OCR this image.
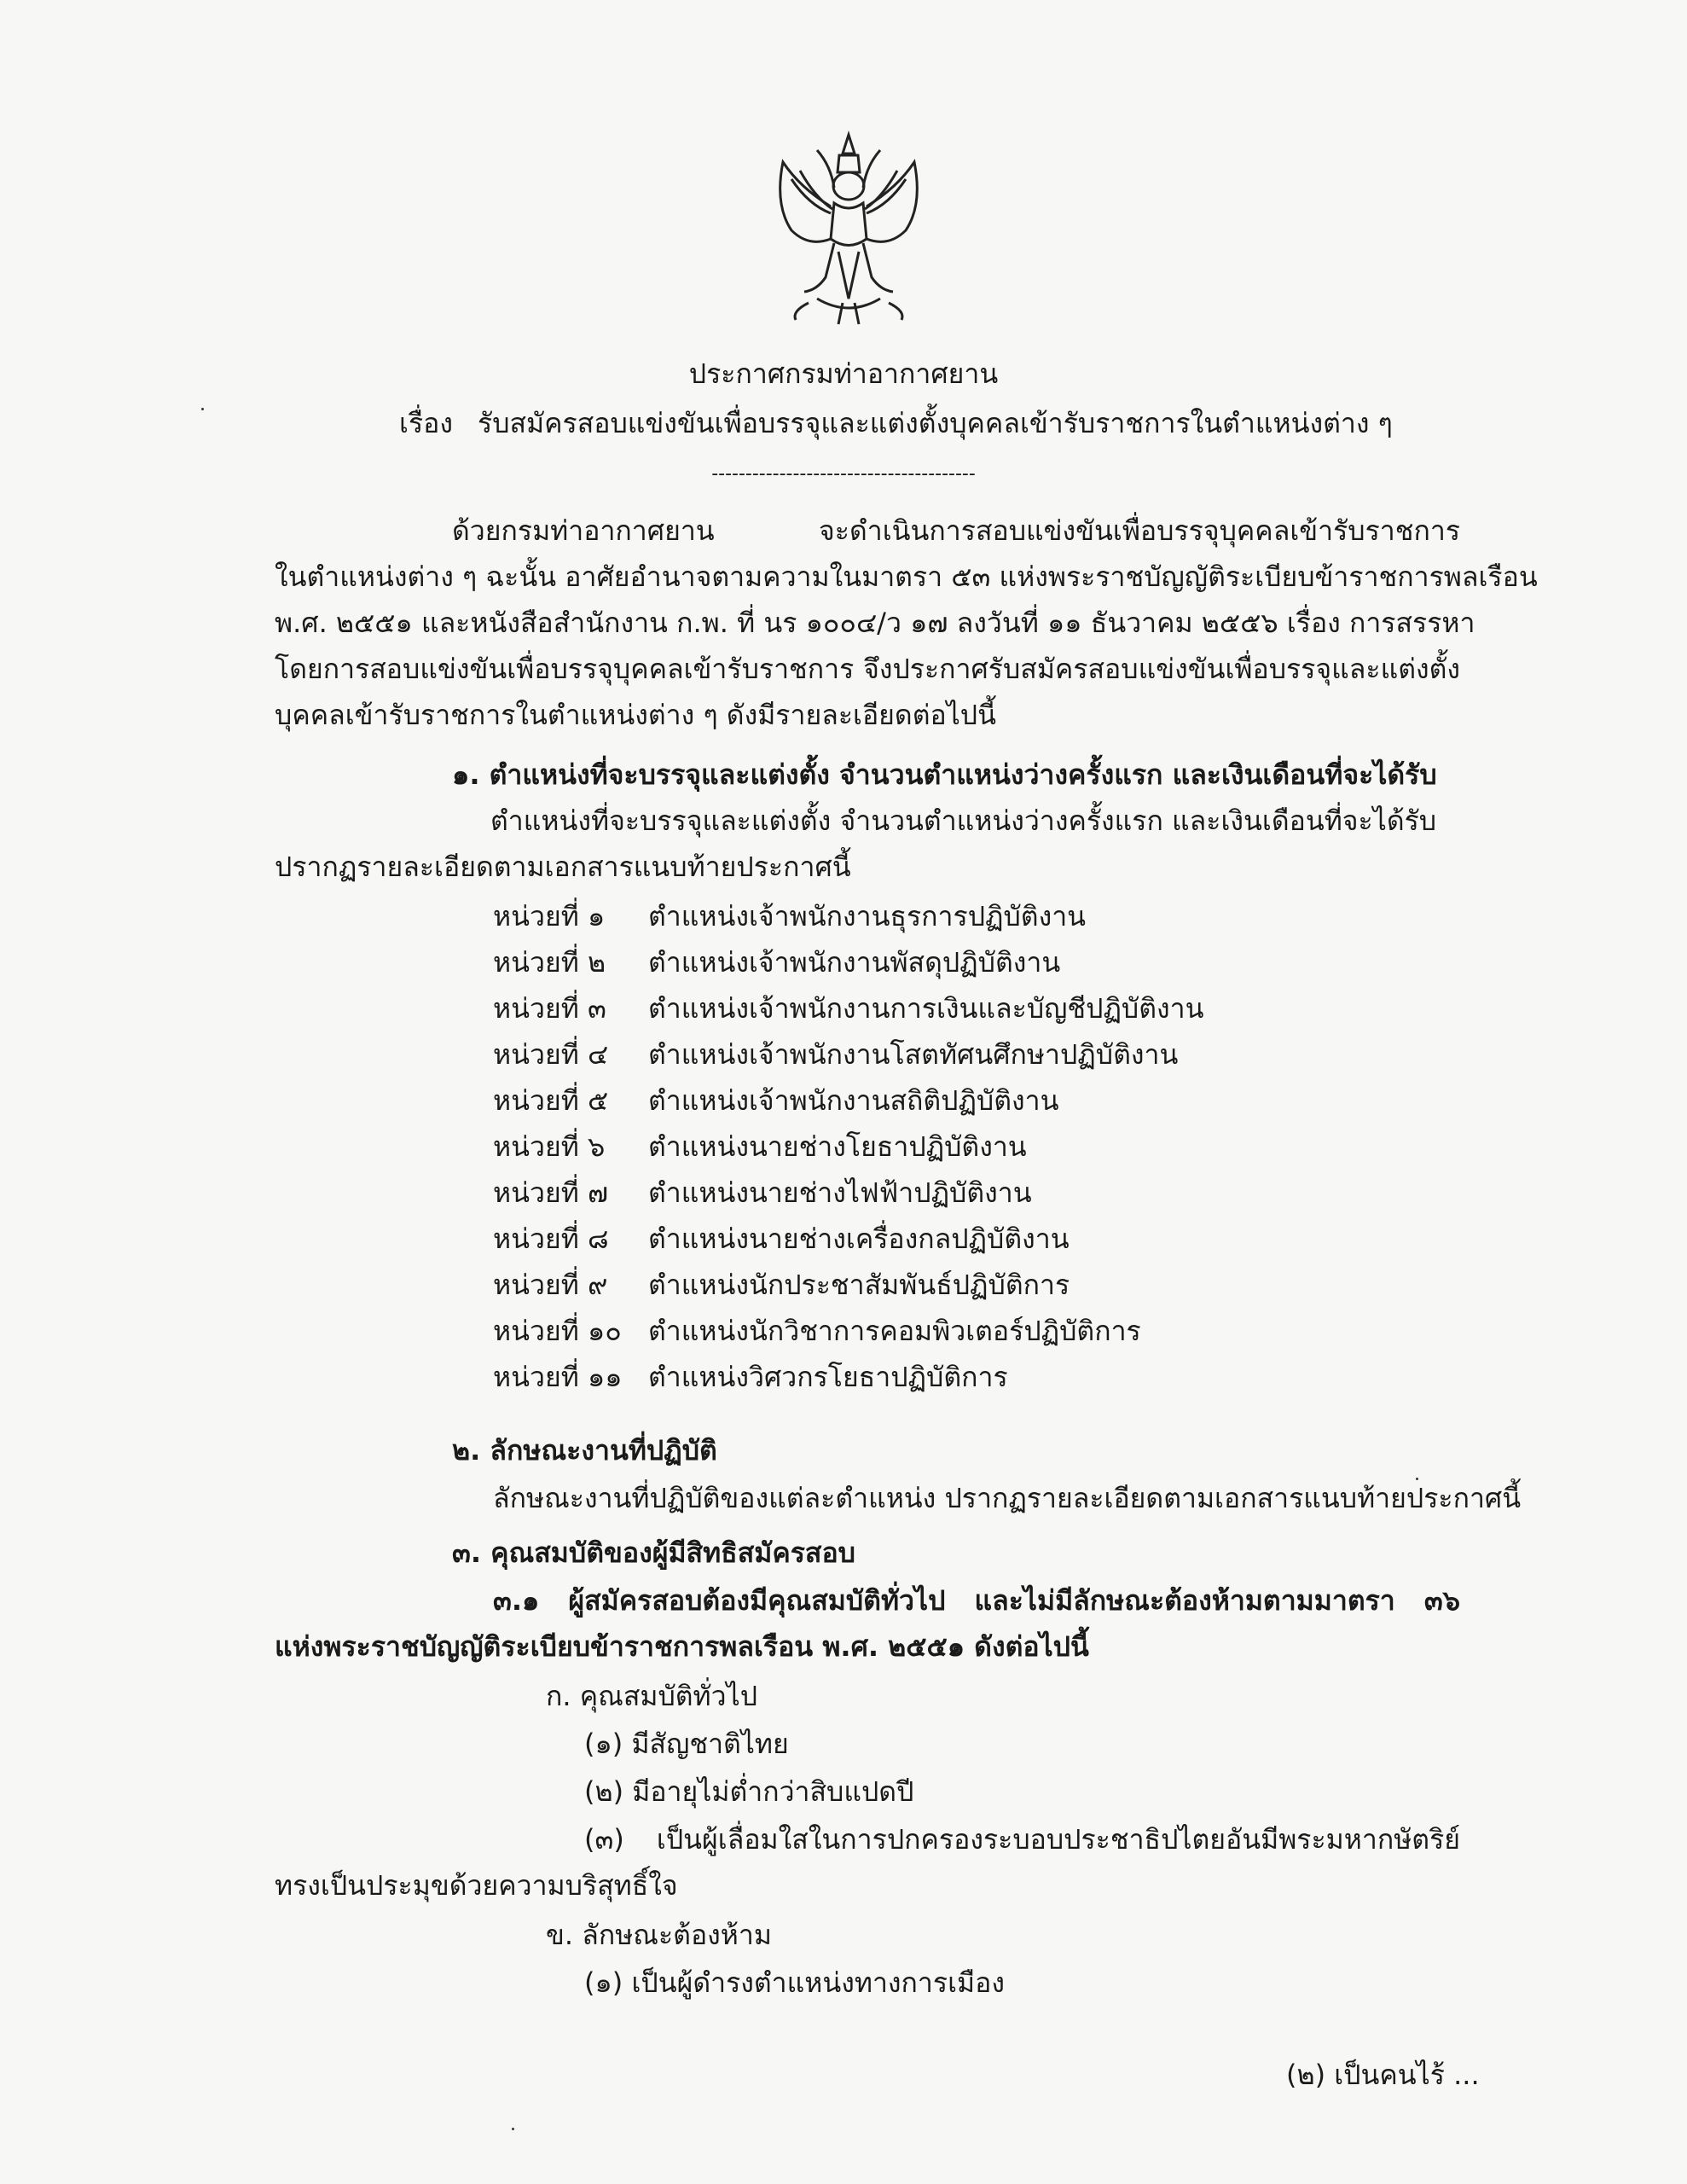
ประกาศกรมท่าอากาศยาน
เรื่อง รับสมัครสอบแข่งขันเพื่อบรรจุและแต่งตั้งบุคคลเข้ารับราชการในตำแหน่งต่าง ๆ
---------------------------------------
ด้วยกรมท่าอากาศยาน จะดำเนินการสอบแข่งขันเพื่อบรรจุบุคคลเข้ารับราชการ
ในตำแหน่งต่าง ๆ ฉะนั้น อาศัยอำนาจตามความในมาตรา ๕๓ แห่งพระราชบัญญัติระเบียบข้าราชการพลเรือน
พ.ศ. ๒๕๕๑ และหนังสือสำนักงาน ก.พ. ที่ นร ๑๐๐๔/ว ๑๗ ลงวันที่ ๑๑ ธันวาคม ๒๕๕๖ เรื่อง การสรรหา
โดยการสอบแข่งขันเพื่อบรรจุบุคคลเข้ารับราชการ จึงประกาศรับสมัครสอบแข่งขันเพื่อบรรจุและแต่งตั้ง
บุคคลเข้ารับราชการในตำแหน่งต่าง ๆ ดังมีรายละเอียดต่อไปนี้
๑. ตำแหน่งที่จะบรรจุและแต่งตั้ง จำนวนตำแหน่งว่างครั้งแรก และเงินเดือนที่จะได้รับ
ตำแหน่งที่จะบรรจุและแต่งตั้ง จำนวนตำแหน่งว่างครั้งแรก และเงินเดือนที่จะได้รับ
ปรากฏรายละเอียดตามเอกสารแนบท้ายประกาศนี้
หน่วยที่ ๑ ตำแหน่งเจ้าพนักงานธุรการปฏิบัติงาน
หน่วยที่ ๒ ตำแหน่งเจ้าพนักงานพัสดุปฏิบัติงาน
หน่วยที่ ๓ ตำแหน่งเจ้าพนักงานการเงินและบัญชีปฏิบัติงาน
หน่วยที่ ๔ ตำแหน่งเจ้าพนักงานโสตทัศนศึกษาปฏิบัติงาน
หน่วยที่ ๕ ตำแหน่งเจ้าพนักงานสถิติปฏิบัติงาน
หน่วยที่ ๖ ตำแหน่งนายช่างโยธาปฏิบัติงาน
หน่วยที่ ๗ ตำแหน่งนายช่างไฟฟ้าปฏิบัติงาน
หน่วยที่ ๘ ตำแหน่งนายช่างเครื่องกลปฏิบัติงาน
หน่วยที่ ๙ ตำแหน่งนักประชาสัมพันธ์ปฏิบัติการ
หน่วยที่ ๑๐ ตำแหน่งนักวิชาการคอมพิวเตอร์ปฏิบัติการ
หน่วยที่ ๑๑ ตำแหน่งวิศวกรโยธาปฏิบัติการ
๒. ลักษณะงานที่ปฏิบัติ
ลักษณะงานที่ปฏิบัติของแต่ละตำแหน่ง ปรากฏรายละเอียดตามเอกสารแนบท้ายประกาศนี้
๓. คุณสมบัติของผู้มีสิทธิสมัครสอบ
๓.๑ ผู้สมัครสอบต้องมีคุณสมบัติทั่วไป และไม่มีลักษณะต้องห้ามตามมาตรา ๓๖
แห่งพระราชบัญญัติระเบียบข้าราชการพลเรือน พ.ศ. ๒๕๕๑ ดังต่อไปนี้
ก. คุณสมบัติทั่วไป
(๑) มีสัญชาติไทย
(๒) มีอายุไม่ต่ำกว่าสิบแปดปี
(๓) เป็นผู้เลื่อมใสในการปกครองระบอบประชาธิปไตยอันมีพระมหากษัตริย์
ทรงเป็นประมุขด้วยความบริสุทธิ์ใจ
ข. ลักษณะต้องห้าม
(๑) เป็นผู้ดำรงตำแหน่งทางการเมือง
(๒) เป็นคนไร้ ...
